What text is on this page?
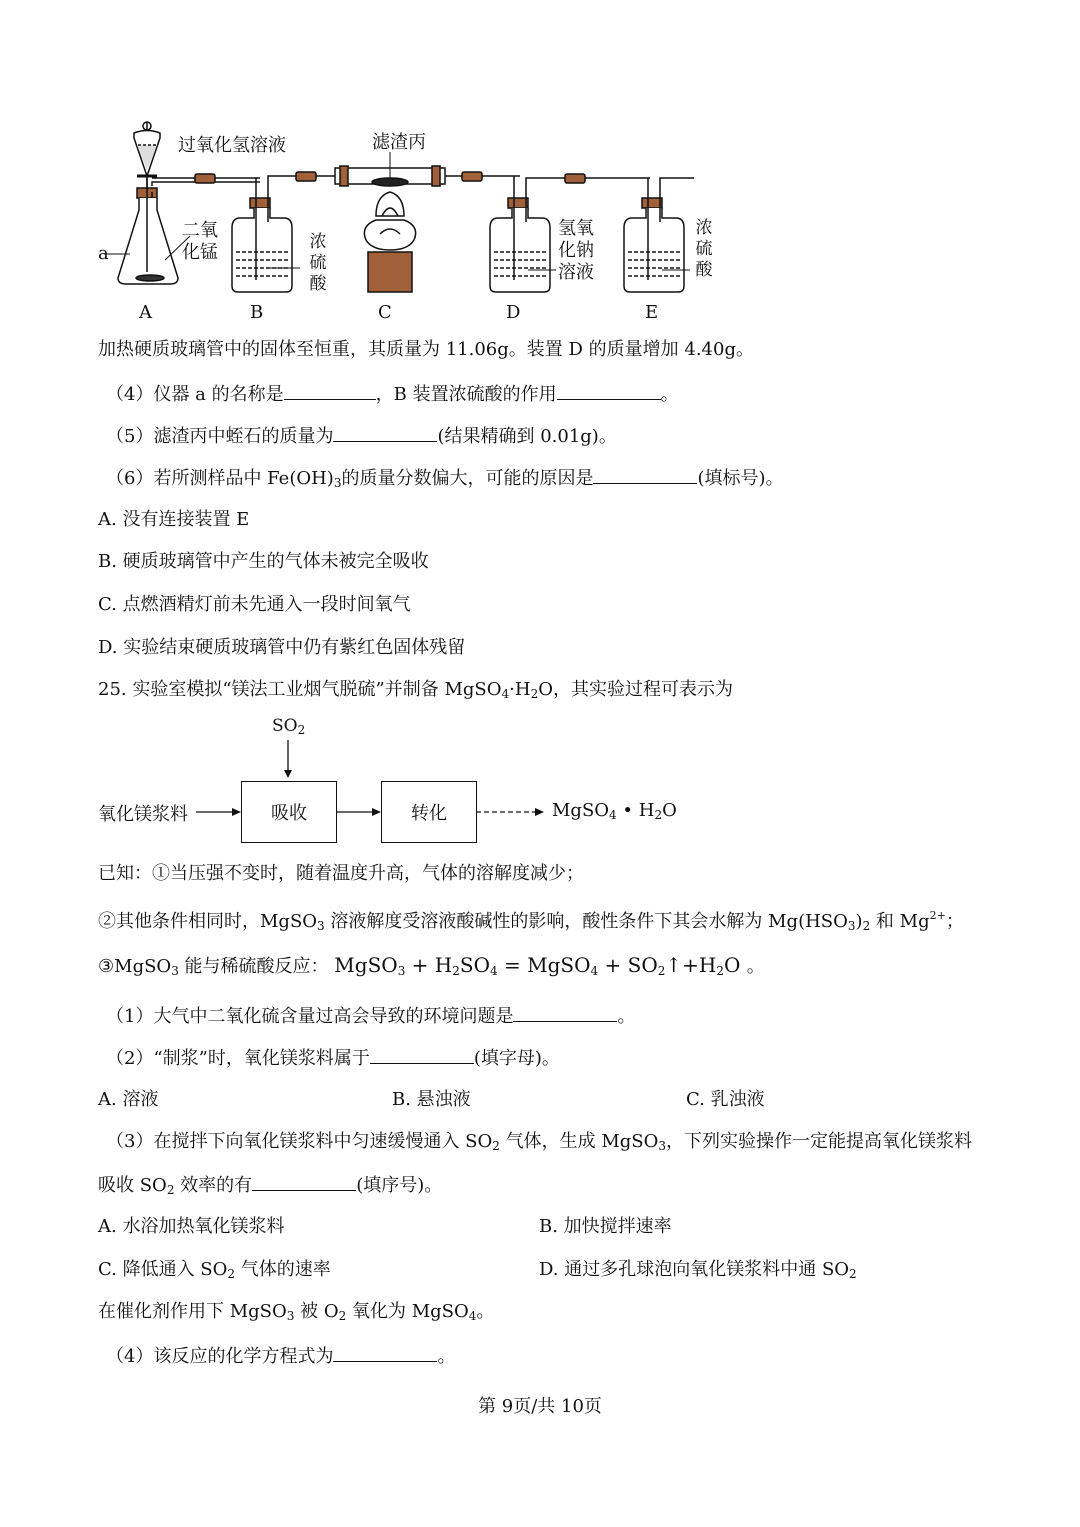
过氧化氢溶液	滤渣丙
a
二氧化锰	浓硫酸
氢氧化钠溶液
浓硫酸
A	B	C	D	E
加热硬质玻璃管中的固体至恒重，其质量为 11.06g。装置 D 的质量增加 4.40g。
（4）仪器 a 的名称是	，B 装置浓硫酸的作用	。
（5）滤渣丙中蛭石的质量为	(结果精确到 0.01g)。
（6）若所测样品中 $Fe(OH)_3$的质量分数偏大，可能的原因是	(填标号)。
A. 没有连接装置 E
B. 硬质玻璃管中产生的气体未被完全吸收
C. 点燃酒精灯前未先通入一段时间氧气
D. 实验结束硬质玻璃管中仍有紫红色固体残留
25. 实验室模拟“镁法工业烟气脱硫”并制备 $MgSO_4\cdot H_2O$，其实验过程可表示为
$SO_2$
氧化镁浆料	吸收	转化	MgSO$_4$ • $H_2O$
已知：①当压强不变时，随着温度升高，气体的溶解度减少；
②其他条件相同时，MgSO$_3$ 溶液解度受溶液酸碱性的影响，酸性条件下其会水解为 $Mg(HSO_3)_2$ 和 $Mg^{2+}$；
③MgSO$_3$ 能与稀硫酸反应： MgSO$_3$ + $H_2SO_4$ = MgSO$_4$ + $SO_2↑+H_2O$ 。
（1）大气中二氧化硫含量过高会导致的环境问题是	。
（2）“制浆”时，氧化镁浆料属于	(填字母)。
A. 溶液	B. 悬浊液	C. 乳浊液
（3）在搅拌下向氧化镁浆料中匀速缓慢通入 $SO_2$ 气体，生成 MgSO$_3$，下列实验操作一定能提高氧化镁浆料
吸收 $SO_2$ 效率的有	(填序号)。
A. 水浴加热氧化镁浆料	B. 加快搅拌速率
C. 降低通入 $SO_2$ 气体的速率	D. 通过多孔球泡向氧化镁浆料中通 $SO_2$
在催化剂作用下 MgSO$_3$ 被 $O_2$ 氧化为 MgSO$_4$。
（4）该反应的化学方程式为	。
第 9页/共 10页
